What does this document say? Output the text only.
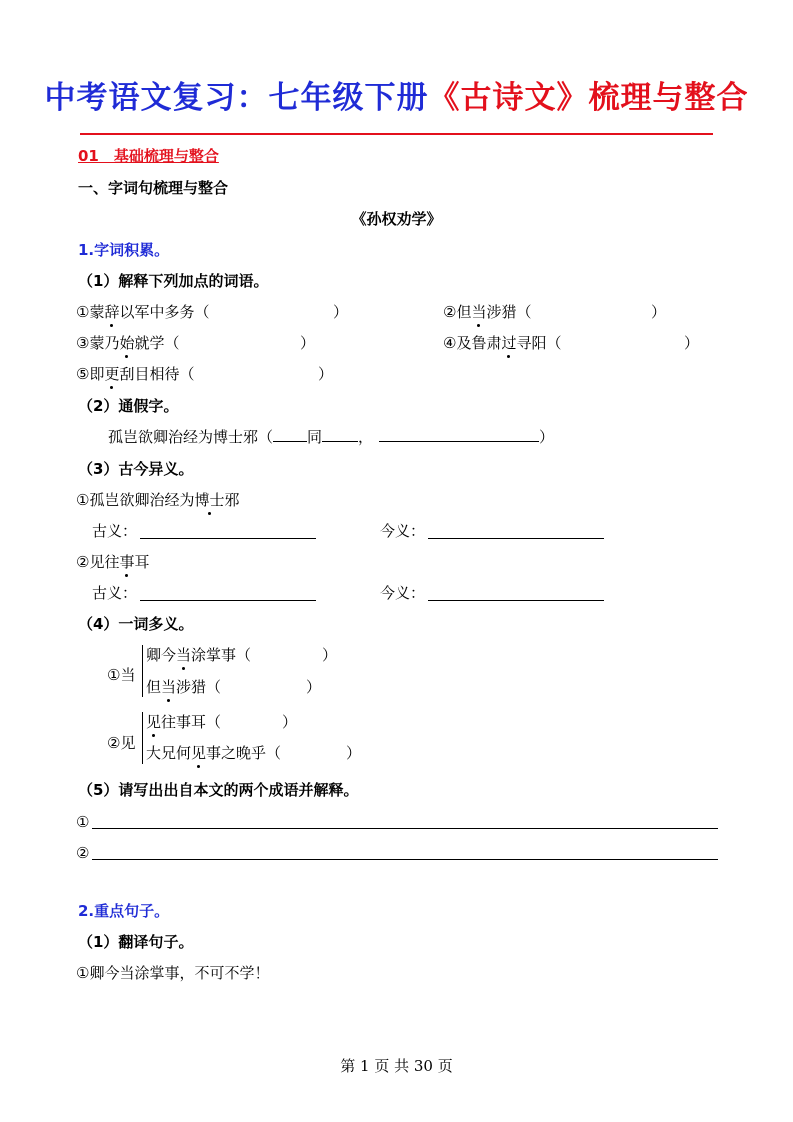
中考语文复习：七年级下册《古诗文》梳理与整合
01　基础梳理与整合
一、字词句梳理与整合
《孙权劝学》
1.字词积累。
（1）解释下列加点的词语。
①蒙辞以军中多务（	）	②但当涉猎（	）
③蒙乃始就学（	）	④及鲁肃过寻阳（	）
⑤即更刮目相待（	）
（2）通假字。
孤岂欲卿治经为博士邪（ 同 ，	）
（3）古今异义。
①孤岂欲卿治经为博士邪
古义：	今义：
②见往事耳
古义：	今义：
（4）一词多义。
①当
卿今当涂掌事（	）
但当涉猎（	）
②见
见往事耳（	）
大兄何见事之晚乎（	）
（5）请写出出自本文的两个成语并解释。
①
②
2.重点句子。
（1）翻译句子。
①卿今当涂掌事，不可不学！
第 1 页 共 30 页
